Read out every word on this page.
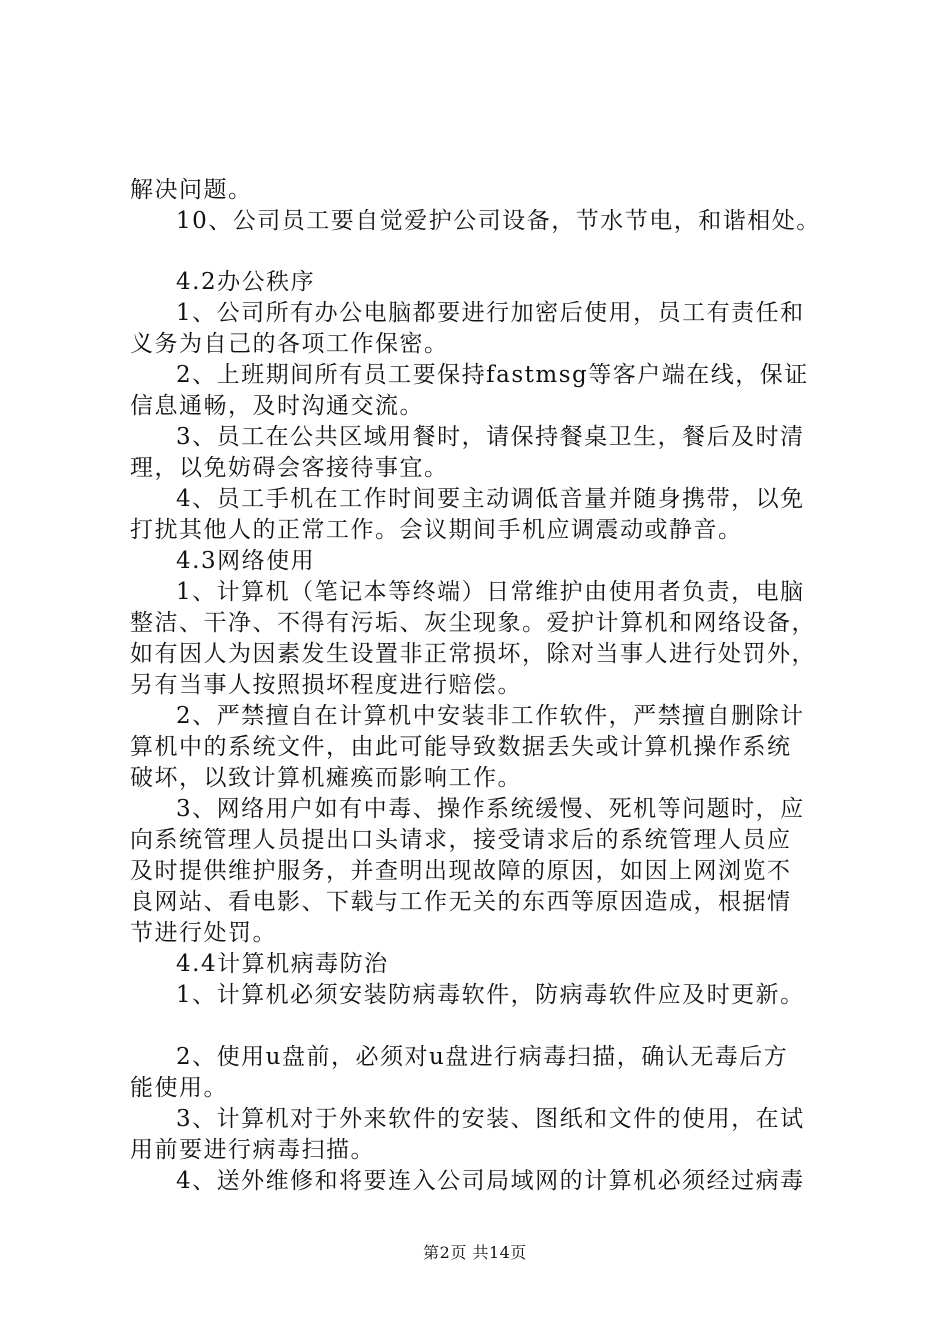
解决问题。
10、公司员工要自觉爱护公司设备，节水节电，和谐相处。
4.2办公秩序
1、公司所有办公电脑都要进行加密后使用，员工有责任和
义务为自己的各项工作保密。
2、上班期间所有员工要保持fastmsg等客户端在线，保证
信息通畅，及时沟通交流。
3、员工在公共区域用餐时，请保持餐桌卫生，餐后及时清
理，以免妨碍会客接待事宜。
4、员工手机在工作时间要主动调低音量并随身携带，以免
打扰其他人的正常工作。会议期间手机应调震动或静音。
4.3网络使用
1、计算机（笔记本等终端）日常维护由使用者负责，电脑
整洁、干净、不得有污垢、灰尘现象。爱护计算机和网络设备，
如有因人为因素发生设置非正常损坏，除对当事人进行处罚外，
另有当事人按照损坏程度进行赔偿。
2、严禁擅自在计算机中安装非工作软件，严禁擅自删除计
算机中的系统文件，由此可能导致数据丢失或计算机操作系统
破坏，以致计算机瘫痪而影响工作。
3、网络用户如有中毒、操作系统缓慢、死机等问题时，应
向系统管理人员提出口头请求，接受请求后的系统管理人员应
及时提供维护服务，并查明出现故障的原因，如因上网浏览不
良网站、看电影、下载与工作无关的东西等原因造成，根据情
节进行处罚。
4.4计算机病毒防治
1、计算机必须安装防病毒软件，防病毒软件应及时更新。
2、使用u盘前，必须对u盘进行病毒扫描，确认无毒后方
能使用。
3、计算机对于外来软件的安装、图纸和文件的使用，在试
用前要进行病毒扫描。
4、送外维修和将要连入公司局域网的计算机必须经过病毒
第2页 共14页
